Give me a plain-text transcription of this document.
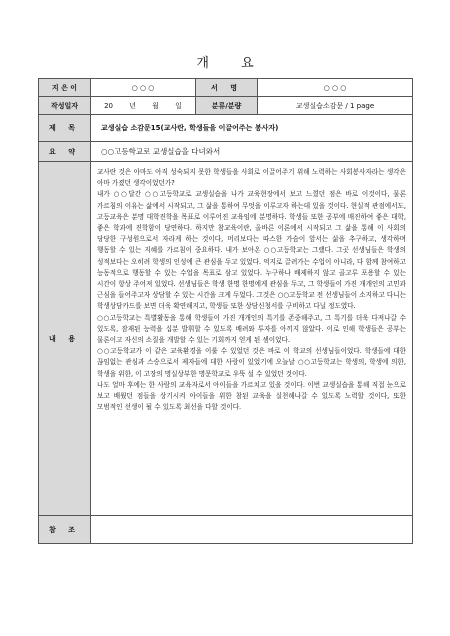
개 요
지 은 이	○ ○ ○	서 명	○ ○ ○
작성일자	20 년 월 일	분류/분량	교생실습소감문 / 1 page
제 목	교생실습 소감문15(교사란, 학생들을 이끌어주는 봉사자)		
요 약	○○고등학교로 교생실습을 다녀와서		
내 용	교사란 것은 아마도 아직 성숙되지 못한 학생들을 사회로 이끌어주기 위해 노력하는 사회봉사자라는 생각은 아마 가졌던 생각이었던가?

내가 ○○달간 ○○고등학교로 교생실습을 나가 교육현장에서 보고 느꼈던 점은 바로 이것이다, 물론 가르침의 이유는 삶에서 시작되고, 그 삶을 통하여 무엇을 이루고자 하는데 있을 것이다. 현실적 관점에서도, 고등교육은 분명 대학진학을 목표로 이루어진 교육임에 분명하다. 학생들 또한 공부에 매진하여 좋은 대학, 좋은 학과에 진학함이 당연하다. 하지만 참교육이란, 올바른 이론에서 시작되고 그 삶을 통해 이 사회의 당당한 구성원으로서 자라게 하는 것이다, 머리보다는 따스한 가슴이 앞서는 삶을 추구하고, 생각하며 행동할 수 있는 지혜를 가르침이 중요하다. 내가 보아온 ○○고등학교는 그랬다. 그곳 선생님들은 학생의 성적보다는 오히려 학생의 인성에 큰 관심을 두고 있었다. 억지로 끌려가는 수업이 아니라, 다 함께 참여하고 능동적으로 행동할 수 있는 수업을 목표로 삼고 있었다. 누구하나 배제하지 않고 골고루 포용할 수 있는 시간이 항상 주어져 있었다. 선생님들은 학생 한명 한명에게 관심을 두고, 그 학생들이 가진 개개인의 고민과 근심을 들어주고자 상담할 수 있는 시간을 크게 두었다. 그것은 ○○고등학교 전 선생님들이 소지하고 다니는 학생상담카드를 보면 더욱 확연해지고, 학생들 또한 상담신청서를 구비하고 다닐 정도였다.

○○고등학교는 특별활동을 통해 학생들이 가진 개개인의 특기를 존중해주고, 그 특기를 더욱 다져나갈 수 있도록, 잠재된 능력을 십분 발휘할 수 있도록 배려와 투자를 아끼지 않았다. 이로 인해 학생들은 공부는 물론이고 자신의 소질을 개발할 수 있는 기회까지 얻게 된 셈이었다.

○○고등학교가 이 같은 교육환경을 이룰 수 있었던 것은 바로 이 학교의 선생님들이었다. 학생들에 대한 끊임없는 관심과 스승으로서 제자들에 대한 사랑이 있었기에 오늘날 ○○고등학교는 학생의, 학생에 의한, 학생을 위한, 이 고장의 명실상부한 명문학교로 우뚝 설 수 있었던 것이다.

나도 얼마 후에는 한 사람의 교육자로서 아이들을 가르치고 있을 것이다. 이번 교생실습을 통해 직접 눈으로 보고 배웠던 점들을 상기시켜 아이들을 위한 참된 교육을 실천해나갈 수 있도록 노력할 것이다, 또한 모범적인 선생이 될 수 있도록 최선을 다할 것이다.		

참 조			
